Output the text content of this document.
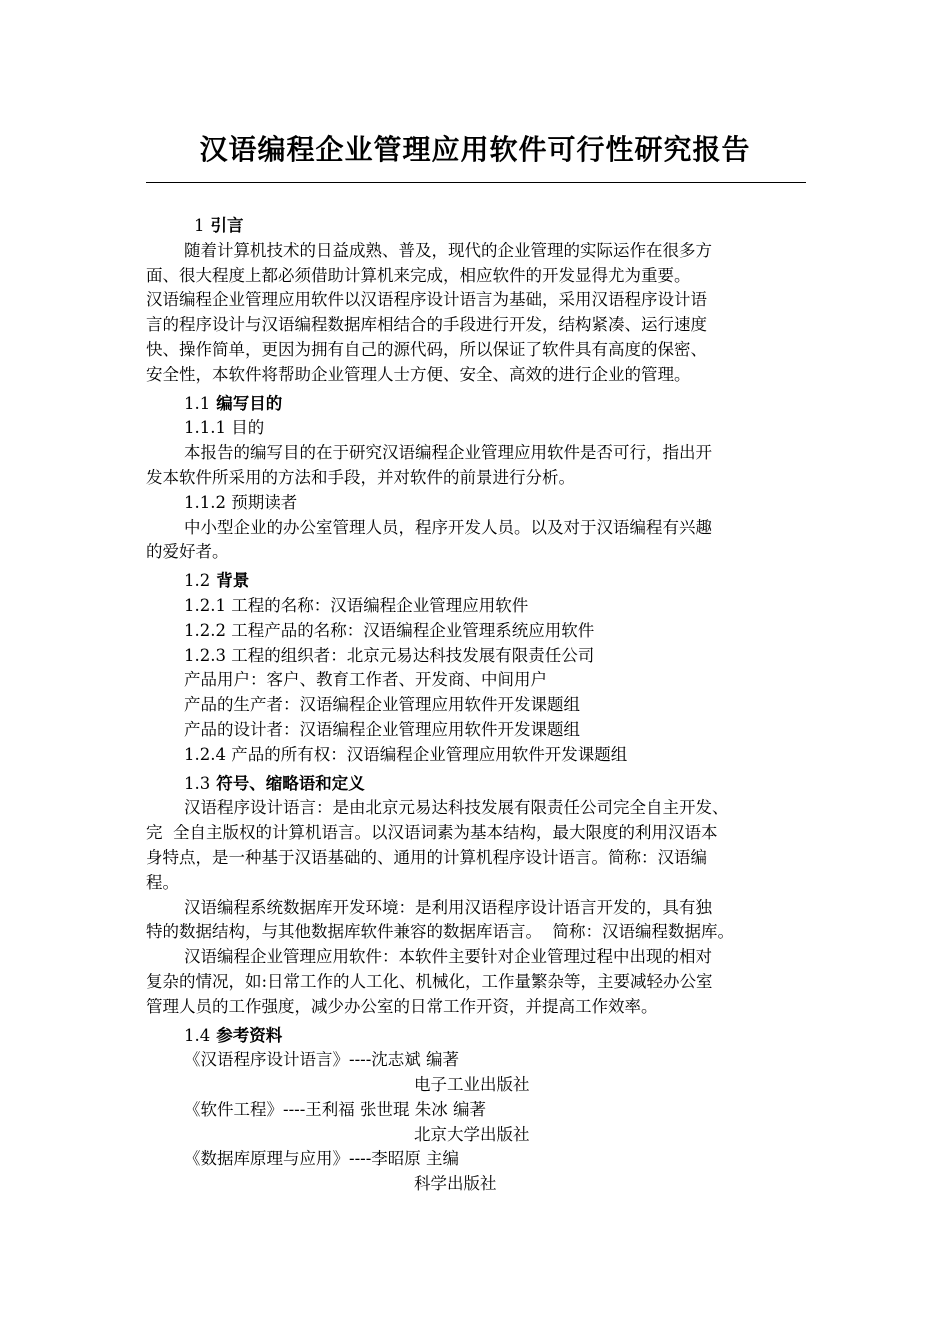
汉语编程企业管理应用软件可行性研究报告
1 引言
随着计算机技术的日益成熟、普及，现代的企业管理的实际运作在很多方
面、很大程度上都必须借助计算机来完成，相应软件的开发显得尤为重要。
汉语编程企业管理应用软件以汉语程序设计语言为基础，采用汉语程序设计语
言的程序设计与汉语编程数据库相结合的手段进行开发，结构紧凑、运行速度
快、操作简单，更因为拥有自己的源代码，所以保证了软件具有高度的保密、
安全性，本软件将帮助企业管理人士方便、安全、高效的进行企业的管理。
1.1 编写目的
1.1.1 目的
本报告的编写目的在于研究汉语编程企业管理应用软件是否可行，指出开
发本软件所采用的方法和手段，并对软件的前景进行分析。
1.1.2 预期读者
中小型企业的办公室管理人员，程序开发人员。以及对于汉语编程有兴趣
的爱好者。
1.2 背景
1.2.1 工程的名称：汉语编程企业管理应用软件
1.2.2 工程产品的名称：汉语编程企业管理系统应用软件
1.2.3 工程的组织者：北京元易达科技发展有限责任公司
产品用户：客户、教育工作者、开发商、中间用户
产品的生产者：汉语编程企业管理应用软件开发课题组
产品的设计者：汉语编程企业管理应用软件开发课题组
1.2.4 产品的所有权：汉语编程企业管理应用软件开发课题组
1.3 符号、缩略语和定义
汉语程序设计语言：是由北京元易达科技发展有限责任公司完全自主开发、
完  全自主版权的计算机语言。以汉语词素为基本结构，最大限度的利用汉语本
身特点，是一种基于汉语基础的、通用的计算机程序设计语言。简称：汉语编
程。
汉语编程系统数据库开发环境：是利用汉语程序设计语言开发的，具有独
特的数据结构，与其他数据库软件兼容的数据库语言。  简称：汉语编程数据库。
汉语编程企业管理应用软件：本软件主要针对企业管理过程中出现的相对
复杂的情况，如:日常工作的人工化、机械化，工作量繁杂等，主要减轻办公室
管理人员的工作强度，减少办公室的日常工作开资，并提高工作效率。
1.4 参考资料
《汉语程序设计语言》----沈志斌 编著
电子工业出版社
《软件工程》----王利福 张世琨 朱冰 编著
北京大学出版社
《数据库原理与应用》----李昭原 主编
科学出版社
